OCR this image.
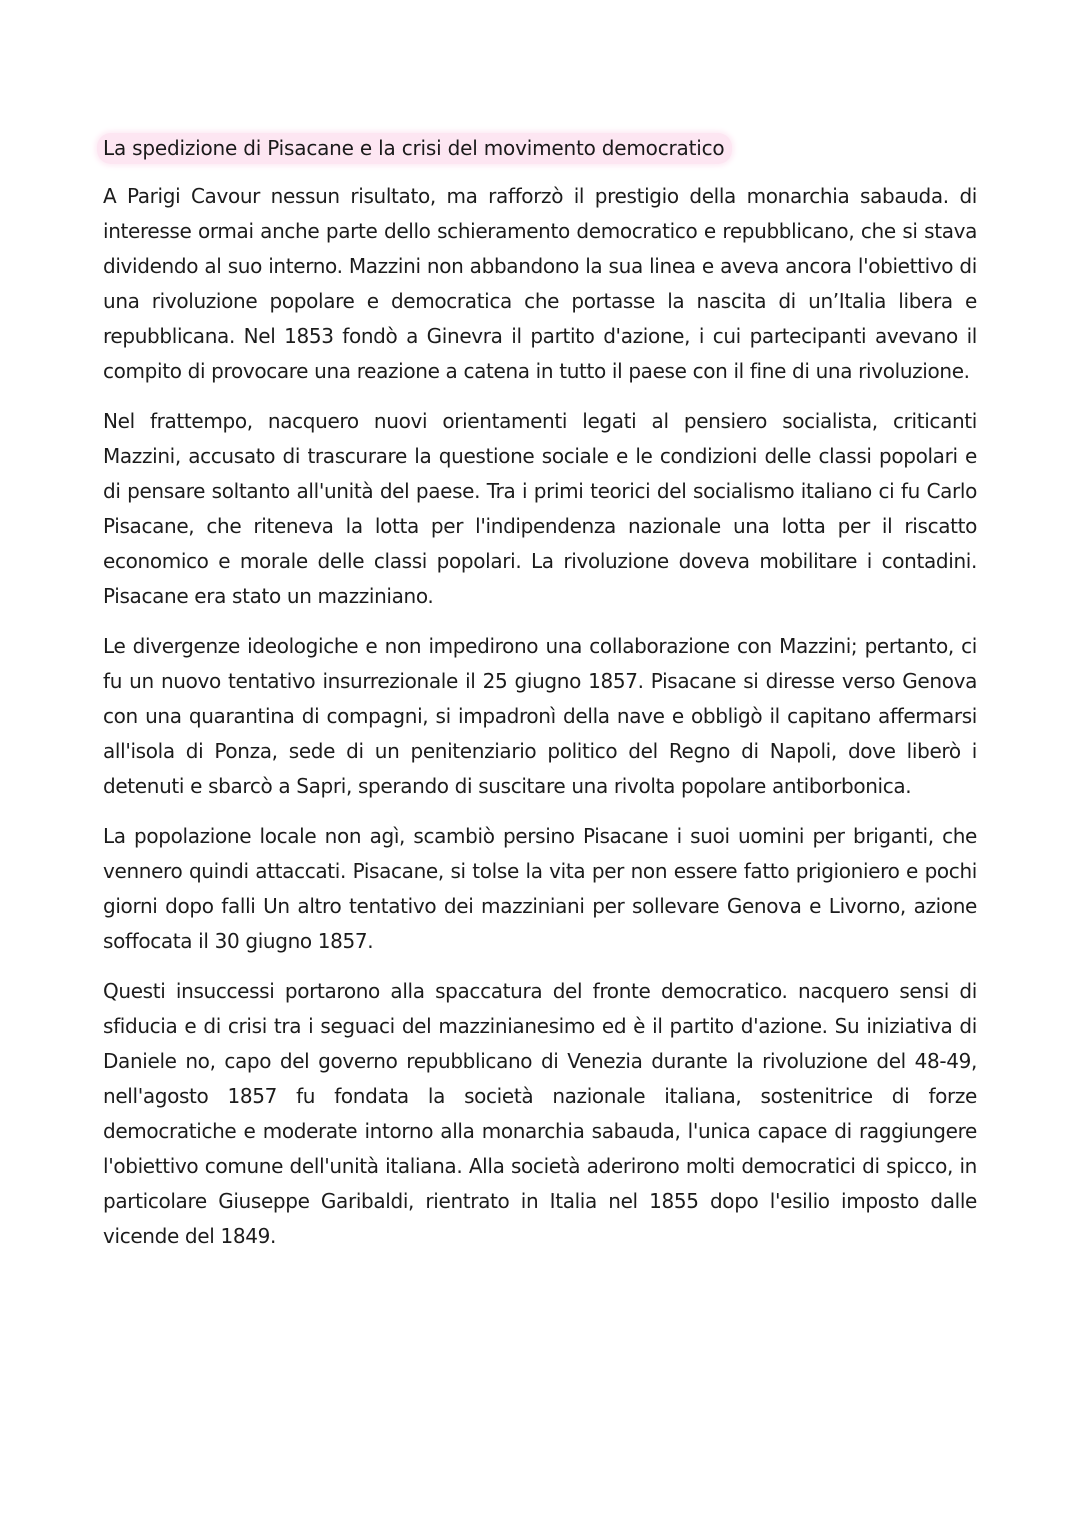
La spedizione di Pisacane e la crisi del movimento democratico

A Parigi Cavour nessun risultato, ma rafforzò il prestigio della monarchia sabauda. di interesse ormai anche parte dello schieramento democratico e repubblicano, che si stava dividendo al suo interno. Mazzini non abbandono la sua linea e aveva ancora l'obiettivo di una rivoluzione popolare e democratica che portasse la nascita di un’Italia libera e repubblicana. Nel 1853 fondò a Ginevra il partito d'azione, i cui partecipanti avevano il compito di provocare una reazione a catena in tutto il paese con il fine di una rivoluzione.

Nel frattempo, nacquero nuovi orientamenti legati al pensiero socialista, criticanti Mazzini, accusato di trascurare la questione sociale e le condizioni delle classi popolari e di pensare soltanto all'unità del paese. Tra i primi teorici del socialismo italiano ci fu Carlo Pisacane, che riteneva la lotta per l'indipendenza nazionale una lotta per il riscatto economico e morale delle classi popolari. La rivoluzione doveva mobilitare i contadini. Pisacane era stato un mazziniano.

Le divergenze ideologiche e non impedirono una collaborazione con Mazzini; pertanto, ci fu un nuovo tentativo insurrezionale il 25 giugno 1857. Pisacane si diresse verso Genova con una quarantina di compagni, si impadronì della nave e obbligò il capitano affermarsi all'isola di Ponza, sede di un penitenziario politico del Regno di Napoli, dove liberò i detenuti e sbarcò a Sapri, sperando di suscitare una rivolta popolare antiborbonica.

La popolazione locale non agì, scambiò persino Pisacane i suoi uomini per briganti, che vennero quindi attaccati. Pisacane, si tolse la vita per non essere fatto prigioniero e pochi giorni dopo falli Un altro tentativo dei mazziniani per sollevare Genova e Livorno, azione soffocata il 30 giugno 1857.

Questi insuccessi portarono alla spaccatura del fronte democratico. nacquero sensi di sfiducia e di crisi tra i seguaci del mazzinianesimo ed è il partito d'azione. Su iniziativa di Daniele no, capo del governo repubblicano di Venezia durante la rivoluzione del 48-49, nell'agosto 1857 fu fondata la società nazionale italiana, sostenitrice di forze democratiche e moderate intorno alla monarchia sabauda, l'unica capace di raggiungere l'obiettivo comune dell'unità italiana. Alla società aderirono molti democratici di spicco, in particolare Giuseppe Garibaldi, rientrato in Italia nel 1855 dopo l'esilio imposto dalle vicende del 1849.
